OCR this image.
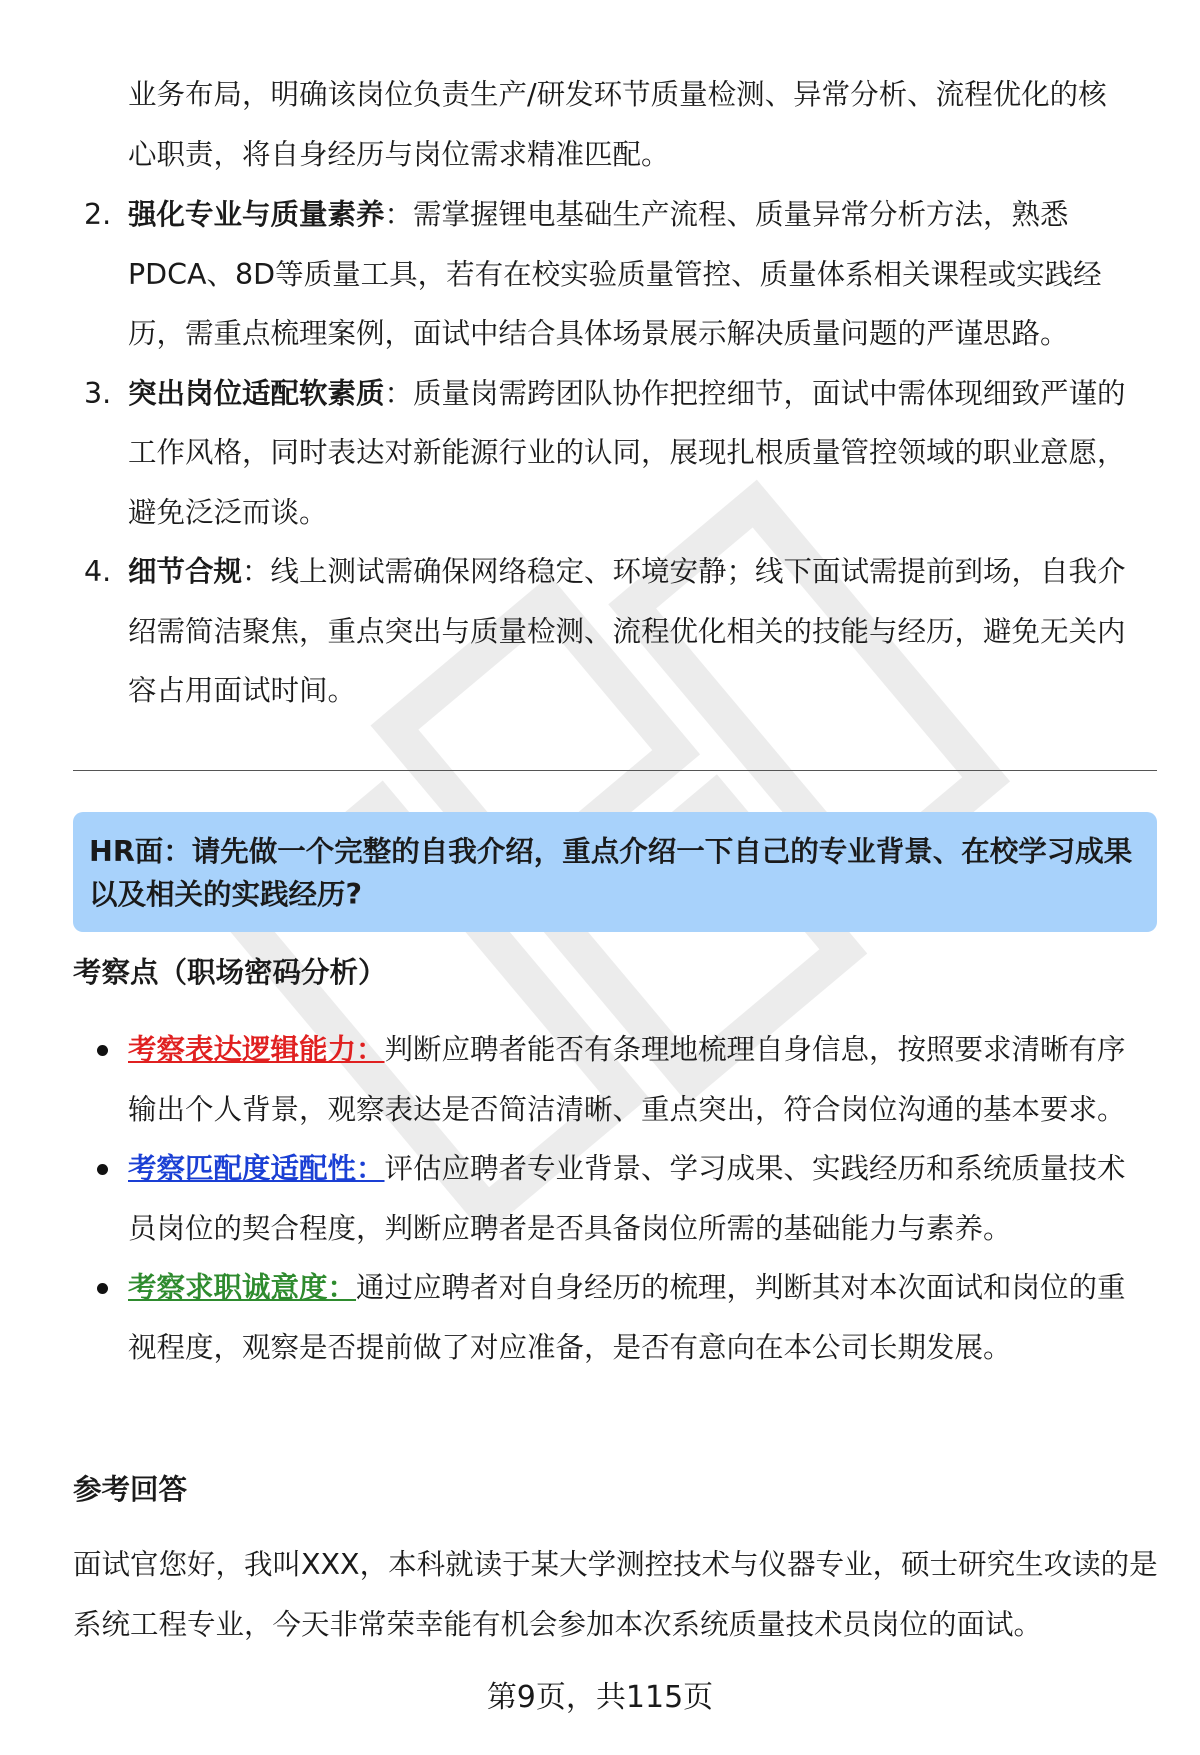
业务布局，明确该岗位负责生产/研发环节质量检测、异常分析、流程优化的核
心职责，将自身经历与岗位需求精准匹配。
2. 强化专业与质量素养：需掌握锂电基础生产流程、质量异常分析方法，熟悉PDCA、8D等质量工具，若有在校实验质量管控、质量体系相关课程或实践经历，需重点梳理案例，面试中结合具体场景展示解决质量问题的严谨思路。
3. 突出岗位适配软素质：质量岗需跨团队协作把控细节，面试中需体现细致严谨的工作风格，同时表达对新能源行业的认同，展现扎根质量管控领域的职业意愿，避免泛泛而谈。
4. 细节合规：线上测试需确保网络稳定、环境安静；线下面试需提前到场，自我介绍需简洁聚焦，重点突出与质量检测、流程优化相关的技能与经历，避免无关内容占用面试时间。
HR面：请先做一个完整的自我介绍，重点介绍一下自己的专业背景、在校学习成果以及相关的实践经历?
考察点（职场密码分析）
考察表达逻辑能力：判断应聘者能否有条理地梳理自身信息，按照要求清晰有序输出个人背景，观察表达是否简洁清晰、重点突出，符合岗位沟通的基本要求。
考察匹配度适配性：评估应聘者专业背景、学习成果、实践经历和系统质量技术员岗位的契合程度，判断应聘者是否具备岗位所需的基础能力与素养。
考察求职诚意度：通过应聘者对自身经历的梳理，判断其对本次面试和岗位的重视程度，观察是否提前做了对应准备，是否有意向在本公司长期发展。
参考回答
面试官您好，我叫XXX，本科就读于某大学测控技术与仪器专业，硕士研究生攻读的是系统工程专业，今天非常荣幸能有机会参加本次系统质量技术员岗位的面试。
第9页，共115页
